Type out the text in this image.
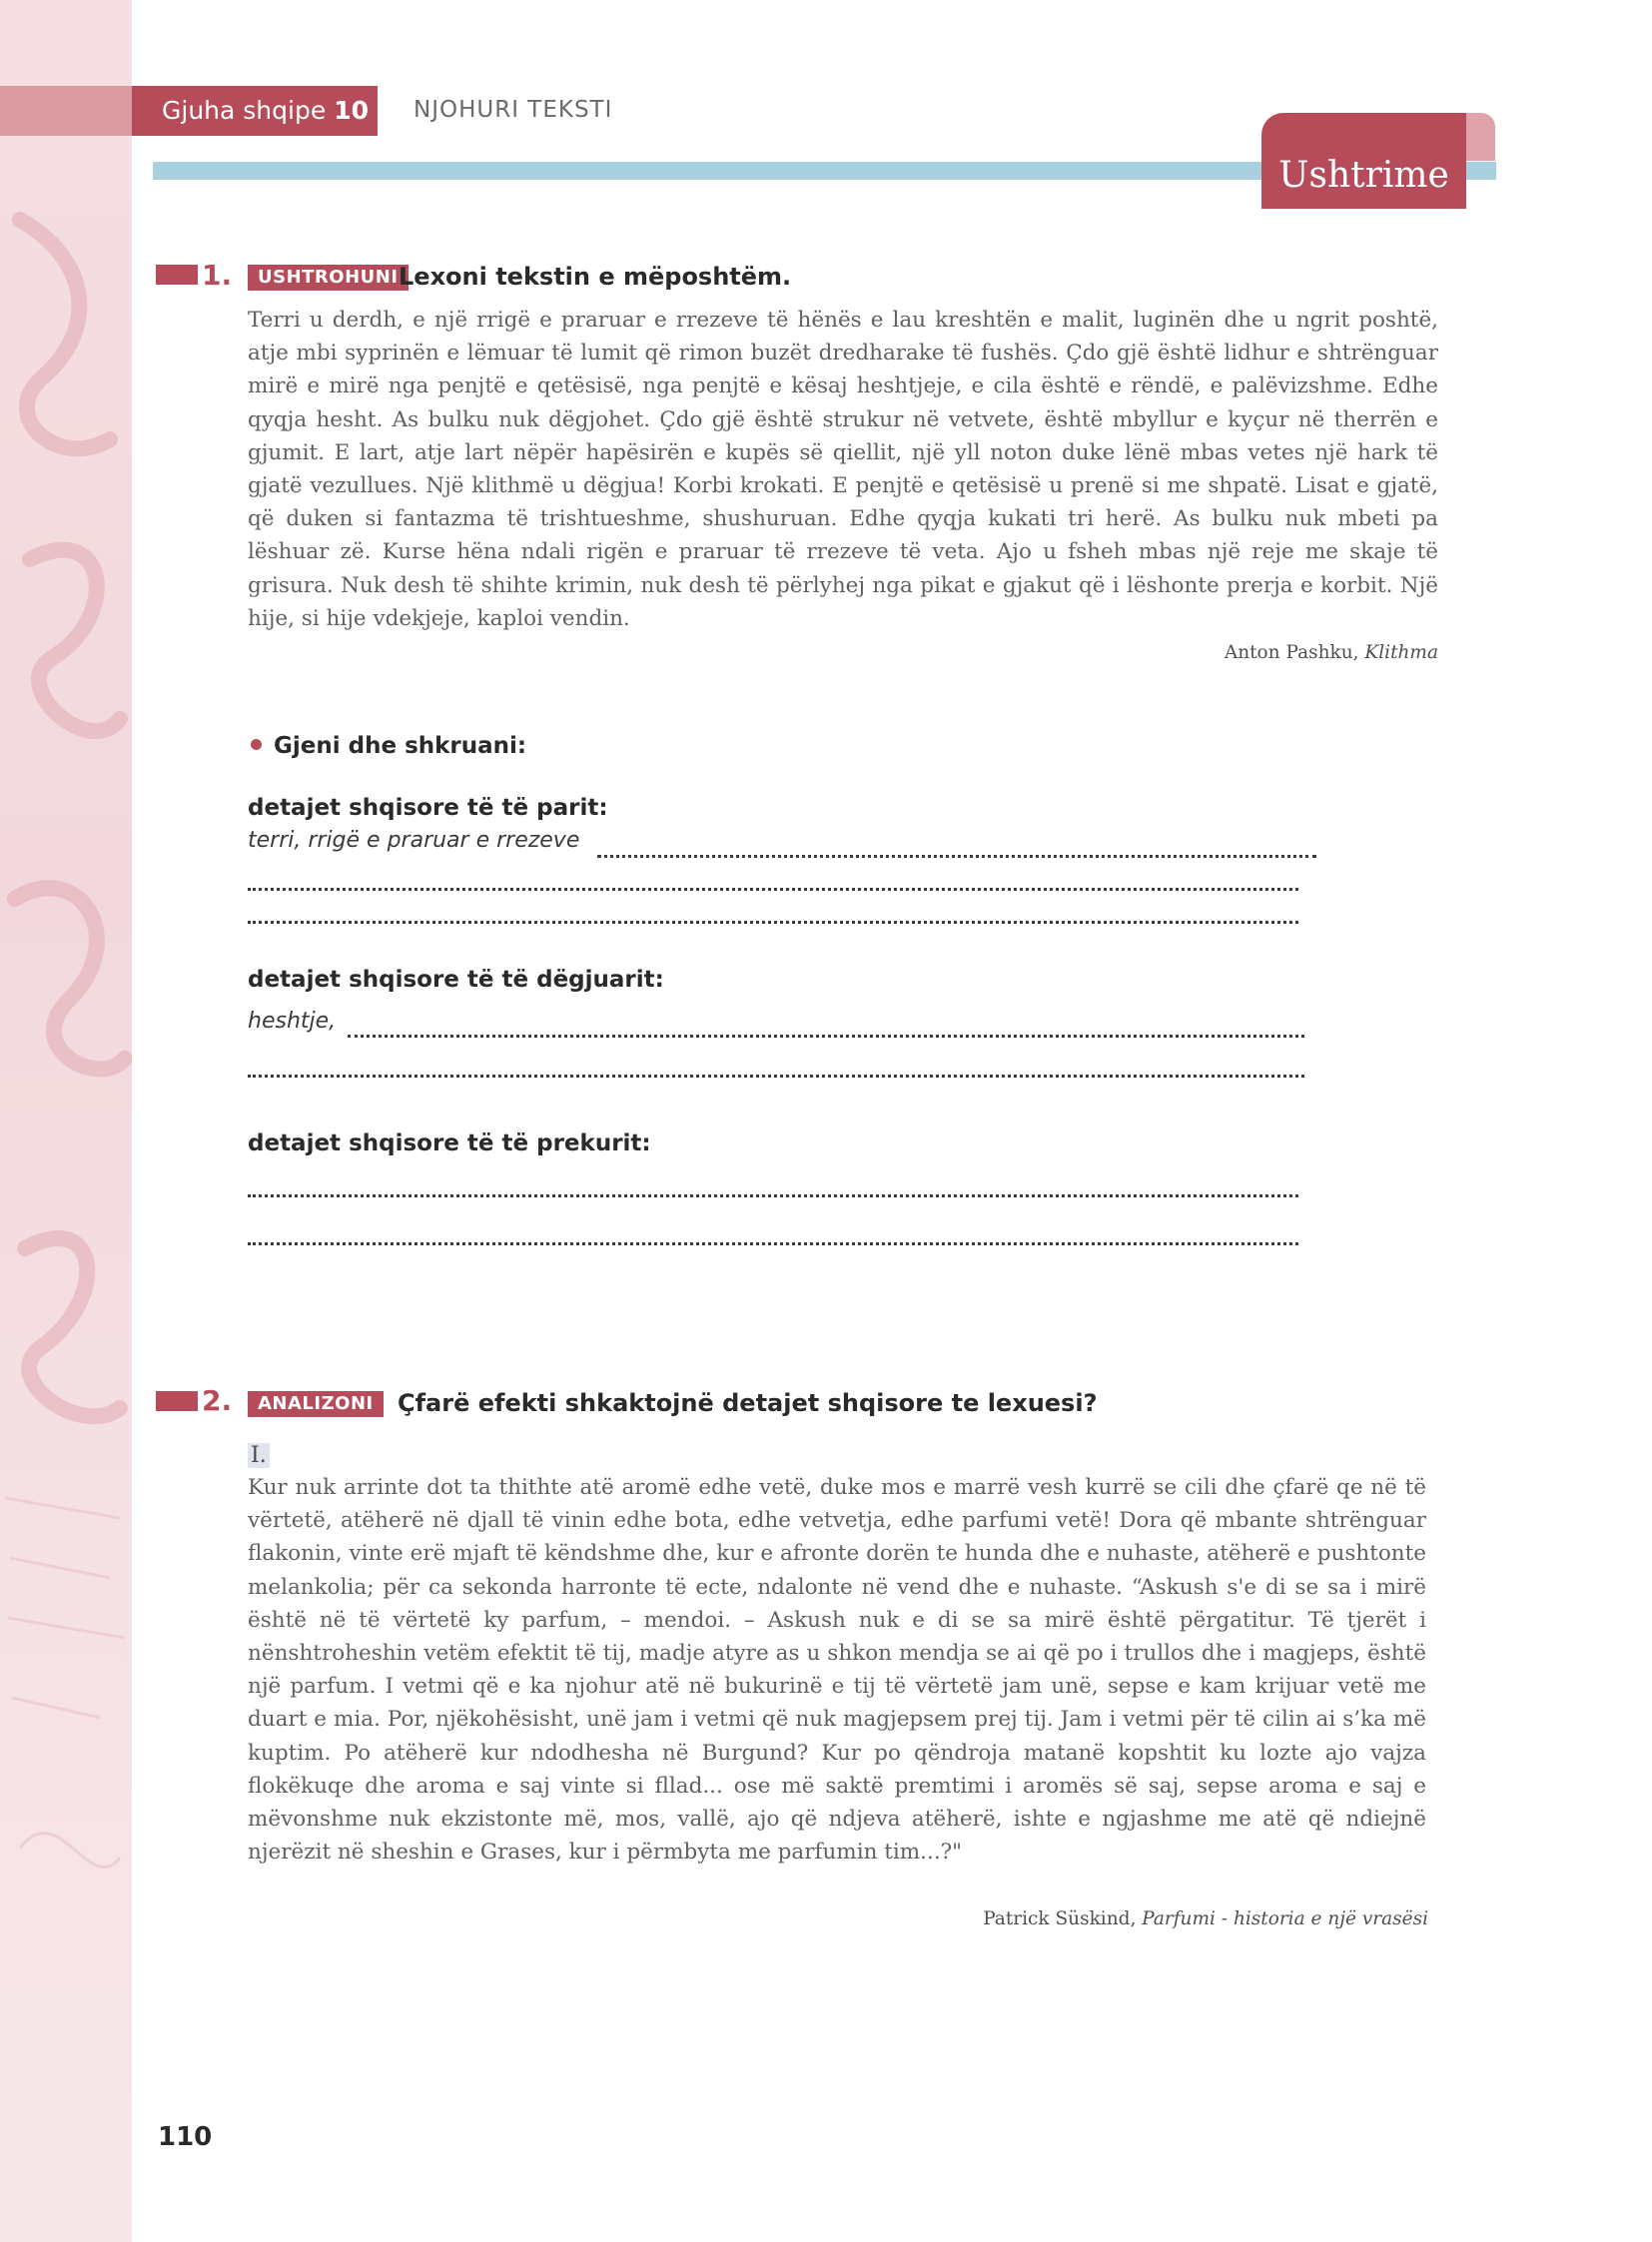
Gjuha shqipe 10	NJOHURI TEKSTI
Ushtrime
1.	USHTROHUNI Lexoni tekstin e mëposhtëm.

Terri u derdh, e një rrigë e praruar e rrezeve të hënës e lau kreshtën e malit, luginën dhe u ngrit poshtë, atje mbi syprinën e lëmuar të lumit që rimon buzët dredharake të fushës. Çdo gjë është lidhur e shtrënguar mirë e mirë nga penjtë e qetësisë, nga penjtë e kësaj heshtjeje, e cila është e rëndë, e palëvizshme. Edhe qyqja hesht. As bulku nuk dëgjohet. Çdo gjë është strukur në vetvete, është mbyllur e kyçur në therrën e gjumit. E lart, atje lart nëpër hapësirën e kupës së qiellit, një yll noton duke lënë mbas vetes një hark të gjatë vezullues. Një klithmë u dëgjua! Korbi krokati. E penjtë e qetësisë u prenë si me shpatë. Lisat e gjatë, që duken si fantazma të trishtueshme, shushuruan. Edhe qyqja kukati tri herë. As bulku nuk mbeti pa lëshuar zë. Kurse hëna ndali rigën e praruar të rrezeve të veta. Ajo u fsheh mbas një reje me skaje të grisura. Nuk desh të shihte krimin, nuk desh të përlyhej nga pikat e gjakut që i lëshonte prerja e korbit. Një hije, si hije vdekjeje, kaploi vendin.

Anton Pashku, Klithma
Gjeni dhe shkruani:
detajet shqisore të të parit:
terri, rrigë e praruar e rrezeve
detajet shqisore të të dëgjuarit:
heshtje,
detajet shqisore të të prekurit:
2.	ANALIZONI	Çfarë efekti shkaktojnë detajet shqisore te lexuesi?
I.

Kur nuk arrinte dot ta thithte atë aromë edhe vetë, duke mos e marrë vesh kurrë se cili dhe çfarë qe në të vërtetë, atëherë në djall të vinin edhe bota, edhe vetvetja, edhe parfumi vetë! Dora që mbante shtrënguar flakonin, vinte erë mjaft të këndshme dhe, kur e afronte dorën te hunda dhe e nuhaste, atëherë e pushtonte melankolia; për ca sekonda harronte të ecte, ndalonte në vend dhe e nuhaste. “Askush s'e di se sa i mirë është në të vërtetë ky parfum, – mendoi. – Askush nuk e di se sa mirë është përgatitur. Të tjerët i nënshtroheshin vetëm efektit të tij, madje atyre as u shkon mendja se ai që po i trullos dhe i magjeps, është një parfum. I vetmi që e ka njohur atë në bukurinë e tij të vërtetë jam unë, sepse e kam krijuar vetë me duart e mia. Por, njëkohësisht, unë jam i vetmi që nuk magjepsem prej tij. Jam i vetmi për të cilin ai s’ka më kuptim. Po atëherë kur ndodhesha në Burgund? Kur po qëndroja matanë kopshtit ku lozte ajo vajza flokëkuqe dhe aroma e saj vinte si fllad... ose më saktë premtimi i aromës së saj, sepse aroma e saj e mëvonshme nuk ekzistonte më, mos, vallë, ajo që ndjeva atëherë, ishte e ngjashme me atë që ndiejnë njerëzit në sheshin e Grases, kur i përmbyta me parfumin tim...?"

Patrick Süskind, Parfumi - historia e një vrasësi
110
